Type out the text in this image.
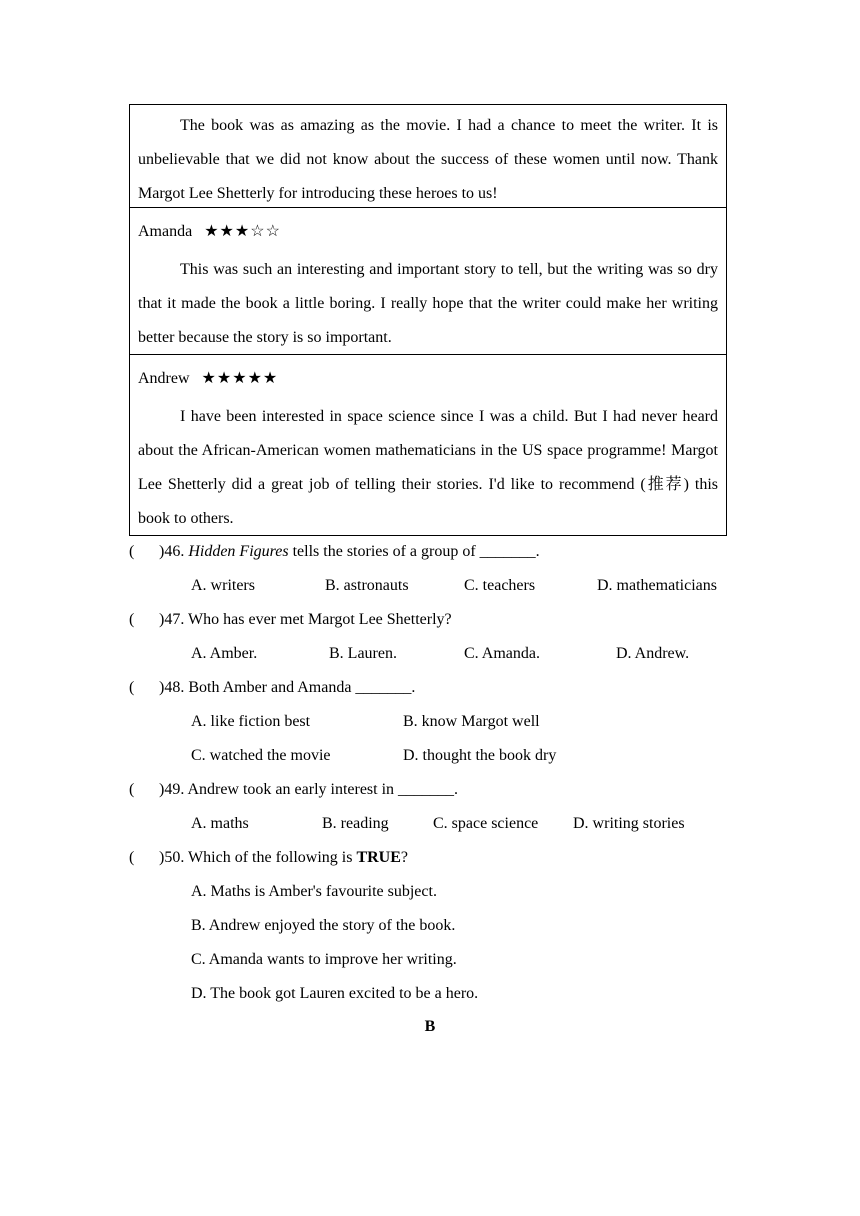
The book was as amazing as the movie. I had a chance to meet the writer. It is unbelievable that we did not know about the success of these women until now. Thank Margot Lee Shetterly for introducing these heroes to us!

Amanda ★★★☆☆

This was such an interesting and important story to tell, but the writing was so dry that it made the book a little boring. I really hope that the writer could make her writing better because the story is so important.

Andrew ★★★★★

I have been interested in space science since I was a child. But I had never heard about the African-American women mathematicians in the US space programme! Margot Lee Shetterly did a great job of telling their stories. I'd like to recommend (推荐) this book to others.

( )46. Hidden Figures tells the stories of a group of _______.
A. writers	B. astronauts	C. teachers	D. mathematicians
( )47. Who has ever met Margot Lee Shetterly?
A. Amber.	B. Lauren.	C. Amanda.	D. Andrew.
( )48. Both Amber and Amanda _______.
A. like fiction best	B. know Margot well
C. watched the movie	D. thought the book dry
( )49. Andrew took an early interest in _______.
A. maths	B. reading	C. space science D. writing stories
( )50. Which of the following is TRUE?
A. Maths is Amber's favourite subject.
B. Andrew enjoyed the story of the book.
C. Amanda wants to improve her writing.
D. The book got Lauren excited to be a hero.
B
